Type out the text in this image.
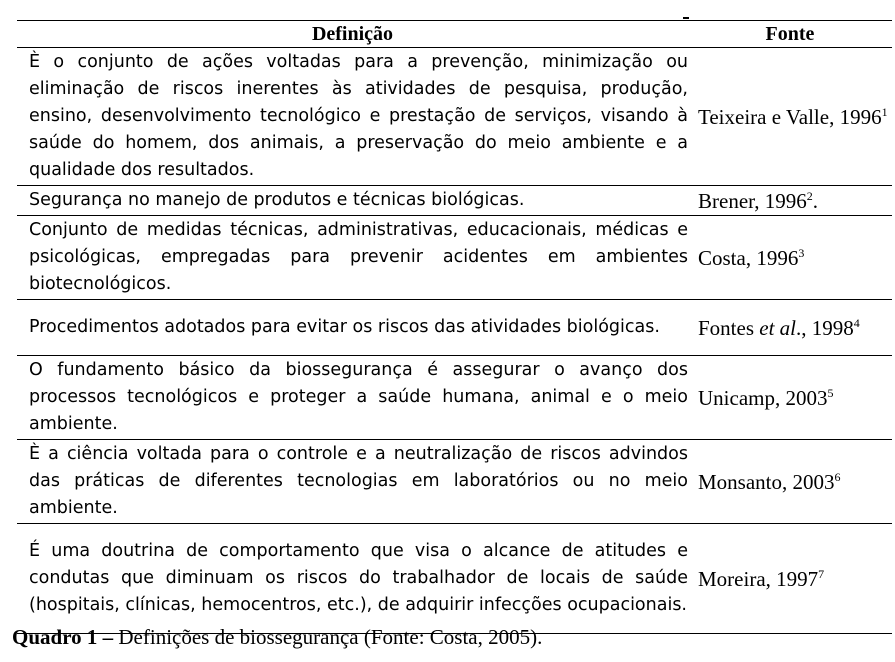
Definição	Fonte
È o conjunto de ações voltadas para a prevenção, minimização ou eliminação de riscos inerentes às atividades de pesquisa, produção, ensino, desenvolvimento tecnológico e prestação de serviços, visando à saúde do homem, dos animais, a preservação do meio ambiente e a qualidade dos resultados.	Teixeira e Valle, 1996$^1$
Segurança no manejo de produtos e técnicas biológicas.	Brener, 1996$^2$.
Conjunto de medidas técnicas, administrativas, educacionais, médicas e psicológicas, empregadas para prevenir acidentes em ambientes biotecnológicos.	Costa, 1996$^3$
Procedimentos adotados para evitar os riscos das atividades biológicas.	Fontes et al., 1998$^4$
O fundamento básico da biossegurança é assegurar o avanço dos processos tecnológicos e proteger a saúde humana, animal e o meio ambiente.	Unicamp, 2003$^5$
È a ciência voltada para o controle e a neutralização de riscos advindos das práticas de diferentes tecnologias em laboratórios ou no meio ambiente.	Monsanto, 2003$^6$
É uma doutrina de comportamento que visa o alcance de atitudes e condutas que diminuam os riscos do trabalhador de locais de saúde (hospitais, clínicas, hemocentros, etc.), de adquirir infecções ocupacionais.	Moreira, 1997$^7$
Quadro 1 – Definições de biossegurança (Fonte: Costa, 2005).
